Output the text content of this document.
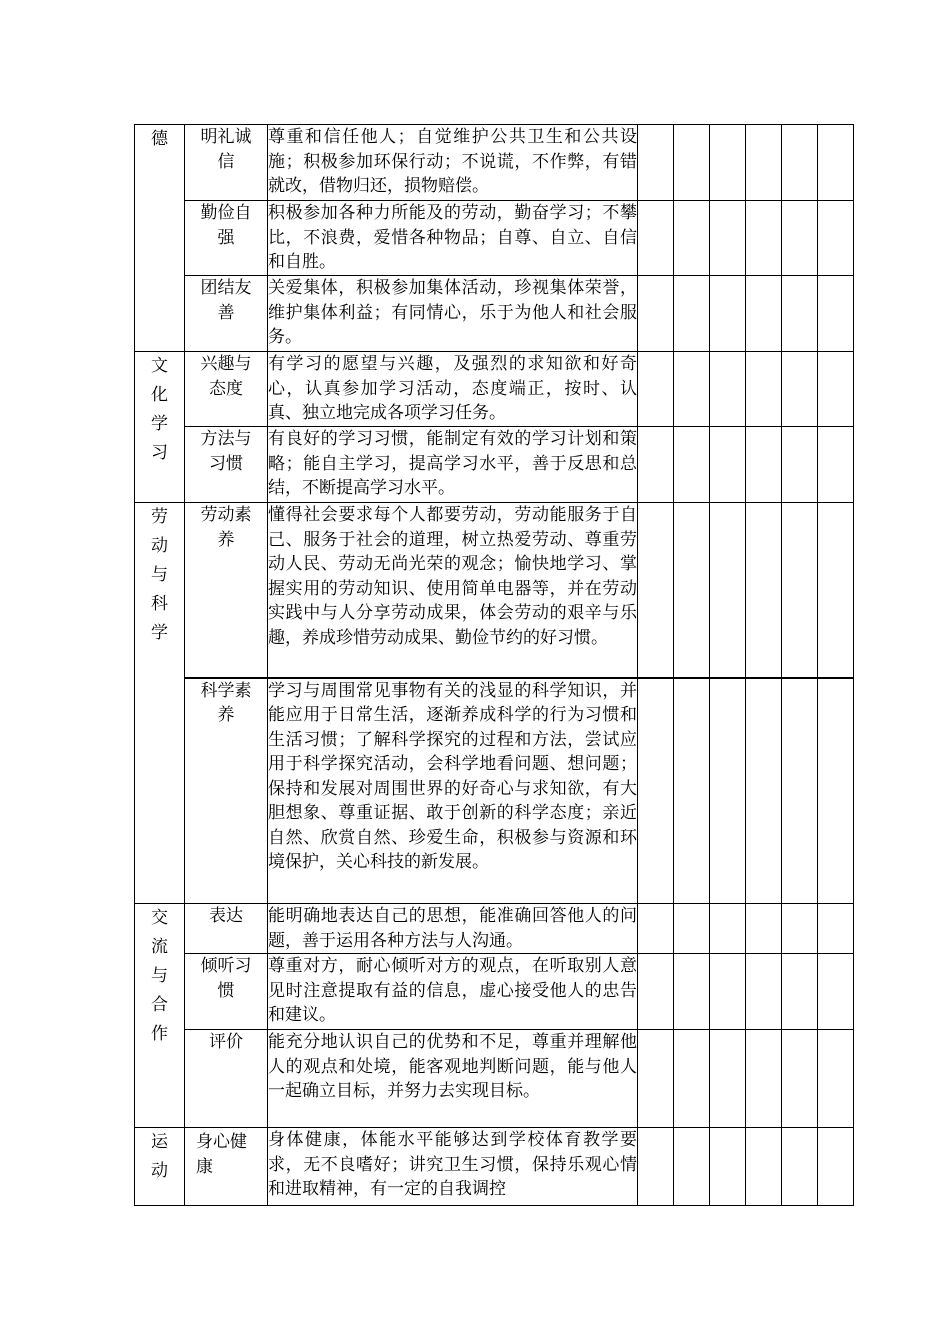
德	明礼诚信	尊重和信任他人；自觉维护公共卫生和公共设施；积极参加环保行动；不说谎，不作弊，有错就改，借物归还，损物赔偿。						
	勤俭自强	积极参加各种力所能及的劳动，勤奋学习；不攀比，不浪费，爱惜各种物品；自尊、自立、自信和自胜。						
	团结友善	关爱集体，积极参加集体活动，珍视集体荣誉，维护集体利益；有同情心，乐于为他人和社会服务。						
文化学习	兴趣与态度	有学习的愿望与兴趣，及强烈的求知欲和好奇心，认真参加学习活动，态度端正，按时、认真、独立地完成各项学习任务。						
	方法与习惯	有良好的学习习惯，能制定有效的学习计划和策略；能自主学习，提高学习水平，善于反思和总结，不断提高学习水平。						
劳动与科学	劳动素养	懂得社会要求每个人都要劳动，劳动能服务于自己、服务于社会的道理，树立热爱劳动、尊重劳动人民、劳动无尚光荣的观念；愉快地学习、掌握实用的劳动知识、使用简单电器等，并在劳动实践中与人分享劳动成果，体会劳动的艰辛与乐趣，养成珍惜劳动成果、勤俭节约的好习惯。						
	科学素养	学习与周围常见事物有关的浅显的科学知识，并能应用于日常生活，逐渐养成科学的行为习惯和生活习惯；了解科学探究的过程和方法，尝试应用于科学探究活动，会科学地看问题、想问题；保持和发展对周围世界的好奇心与求知欲，有大胆想象、尊重证据、敢于创新的科学态度；亲近自然、欣赏自然、珍爱生命，积极参与资源和环境保护，关心科技的新发展。						
交流与合作	表达	能明确地表达自己的思想，能准确回答他人的问题，善于运用各种方法与人沟通。						
	倾听习惯	尊重对方，耐心倾听对方的观点，在听取别人意见时注意提取有益的信息，虚心接受他人的忠告和建议。						
	评价	能充分地认识自己的优势和不足，尊重并理解他人的观点和处境，能客观地判断问题，能与他人一起确立目标，并努力去实现目标。						
运动	身心健康	身体健康，体能水平能够达到学校体育教学要求，无不良嗜好；讲究卫生习惯，保持乐观心情和进取精神，有一定的自我调控						
